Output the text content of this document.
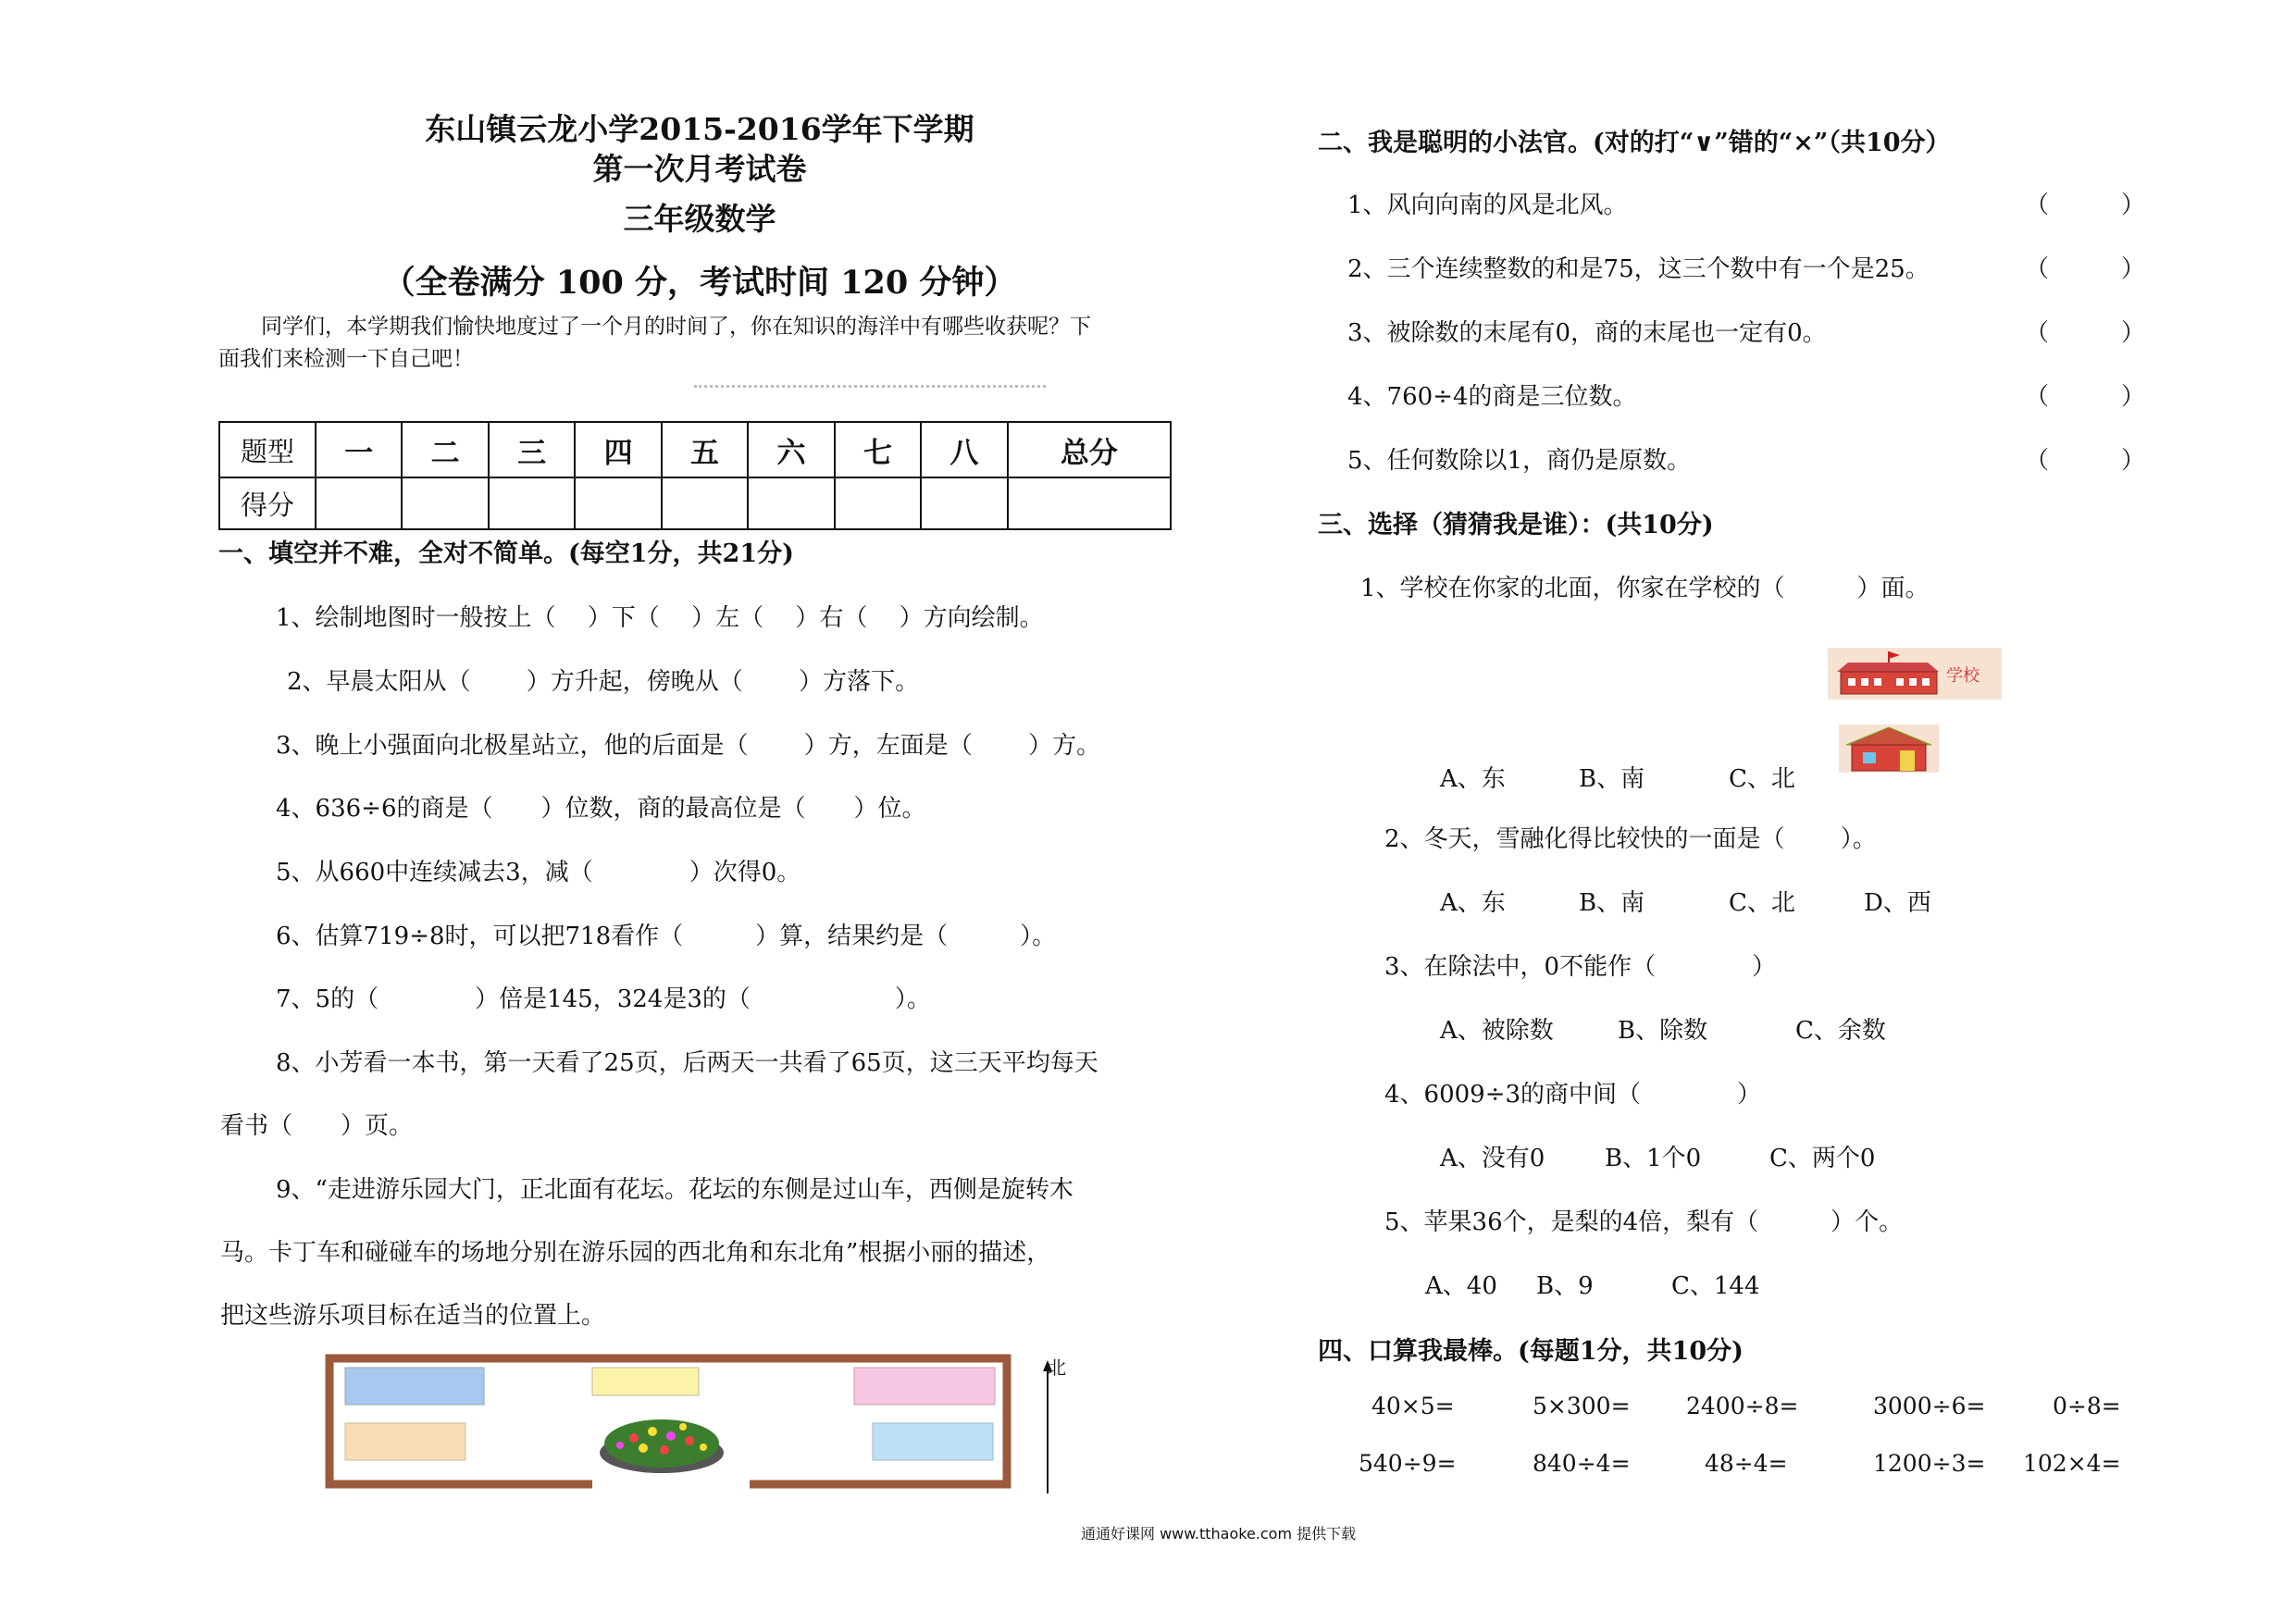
东山镇云龙小学2015-2016学年下学期
第一次月考试卷
三年级数学
（全卷满分 100 分，考试时间 120 分钟）
同学们，本学期我们愉快地度过了一个月的时间了，你在知识的海洋中有哪些收获呢？下
面我们来检测一下自己吧！
题型	一	二	三	四	五	六	七	八	总分
得分									
一、填空并不难，全对不简单。(每空1分，共21分)
1、绘制地图时一般按上（　 ）下（　 ）左（　 ）右（　 ）方向绘制。
2、早晨太阳从（　　 ）方升起，傍晚从（　　 ）方落下。
3、晚上小强面向北极星站立，他的后面是（　　 ）方，左面是（　　 ）方。
4、636÷6的商是（　　）位数，商的最高位是（　　）位。
5、从660中连续减去3，减（　　　　）次得0。
6、估算719÷8时，可以把718看作（　　　）算，结果约是（　　　）。
7、5的（　　　　）倍是145，324是3的（　　　　　　）。
8、小芳看一本书，第一天看了25页，后两天一共看了65页，这三天平均每天
看书（　　）页。
9、“走进游乐园大门，正北面有花坛。花坛的东侧是过山车，西侧是旋转木
马。卡丁车和碰碰车的场地分别在游乐园的西北角和东北角”根据小丽的描述，
把这些游乐项目标在适当的位置上。
北
二、我是聪明的小法官。(对的打“∨”错的“×”（共10分）
1、风向向南的风是北风。	（　　　）
2、三个连续整数的和是75，这三个数中有一个是25。	（　　　）
3、被除数的末尾有0，商的末尾也一定有0。	（　　　）
4、760÷4的商是三位数。	（　　　）
5、任何数除以1，商仍是原数。	（　　　）
三、选择（猜猜我是谁）：(共10分)
1、学校在你家的北面，你家在学校的（　　　）面。
学校
A、东	B、南	C、北
2、冬天，雪融化得比较快的一面是（　　 ）。
A、东	B、南	C、北	D、西
3、在除法中，0不能作（　　　　）
A、被除数	B、除数	C、余数
4、6009÷3的商中间（　　　　）
A、没有0 B、1个0	C、两个0
5、苹果36个，是梨的4倍，梨有（　　　）个。
A、40 B、9	C、144
四、口算我最棒。(每题1分，共10分)
40×5=	5×300= 2400÷8=	3000÷6=	0÷8=
540÷9=	840÷4=	48÷4=	1200÷3= 102×4=
通通好课网 www.tthaoke.com 提供下载
